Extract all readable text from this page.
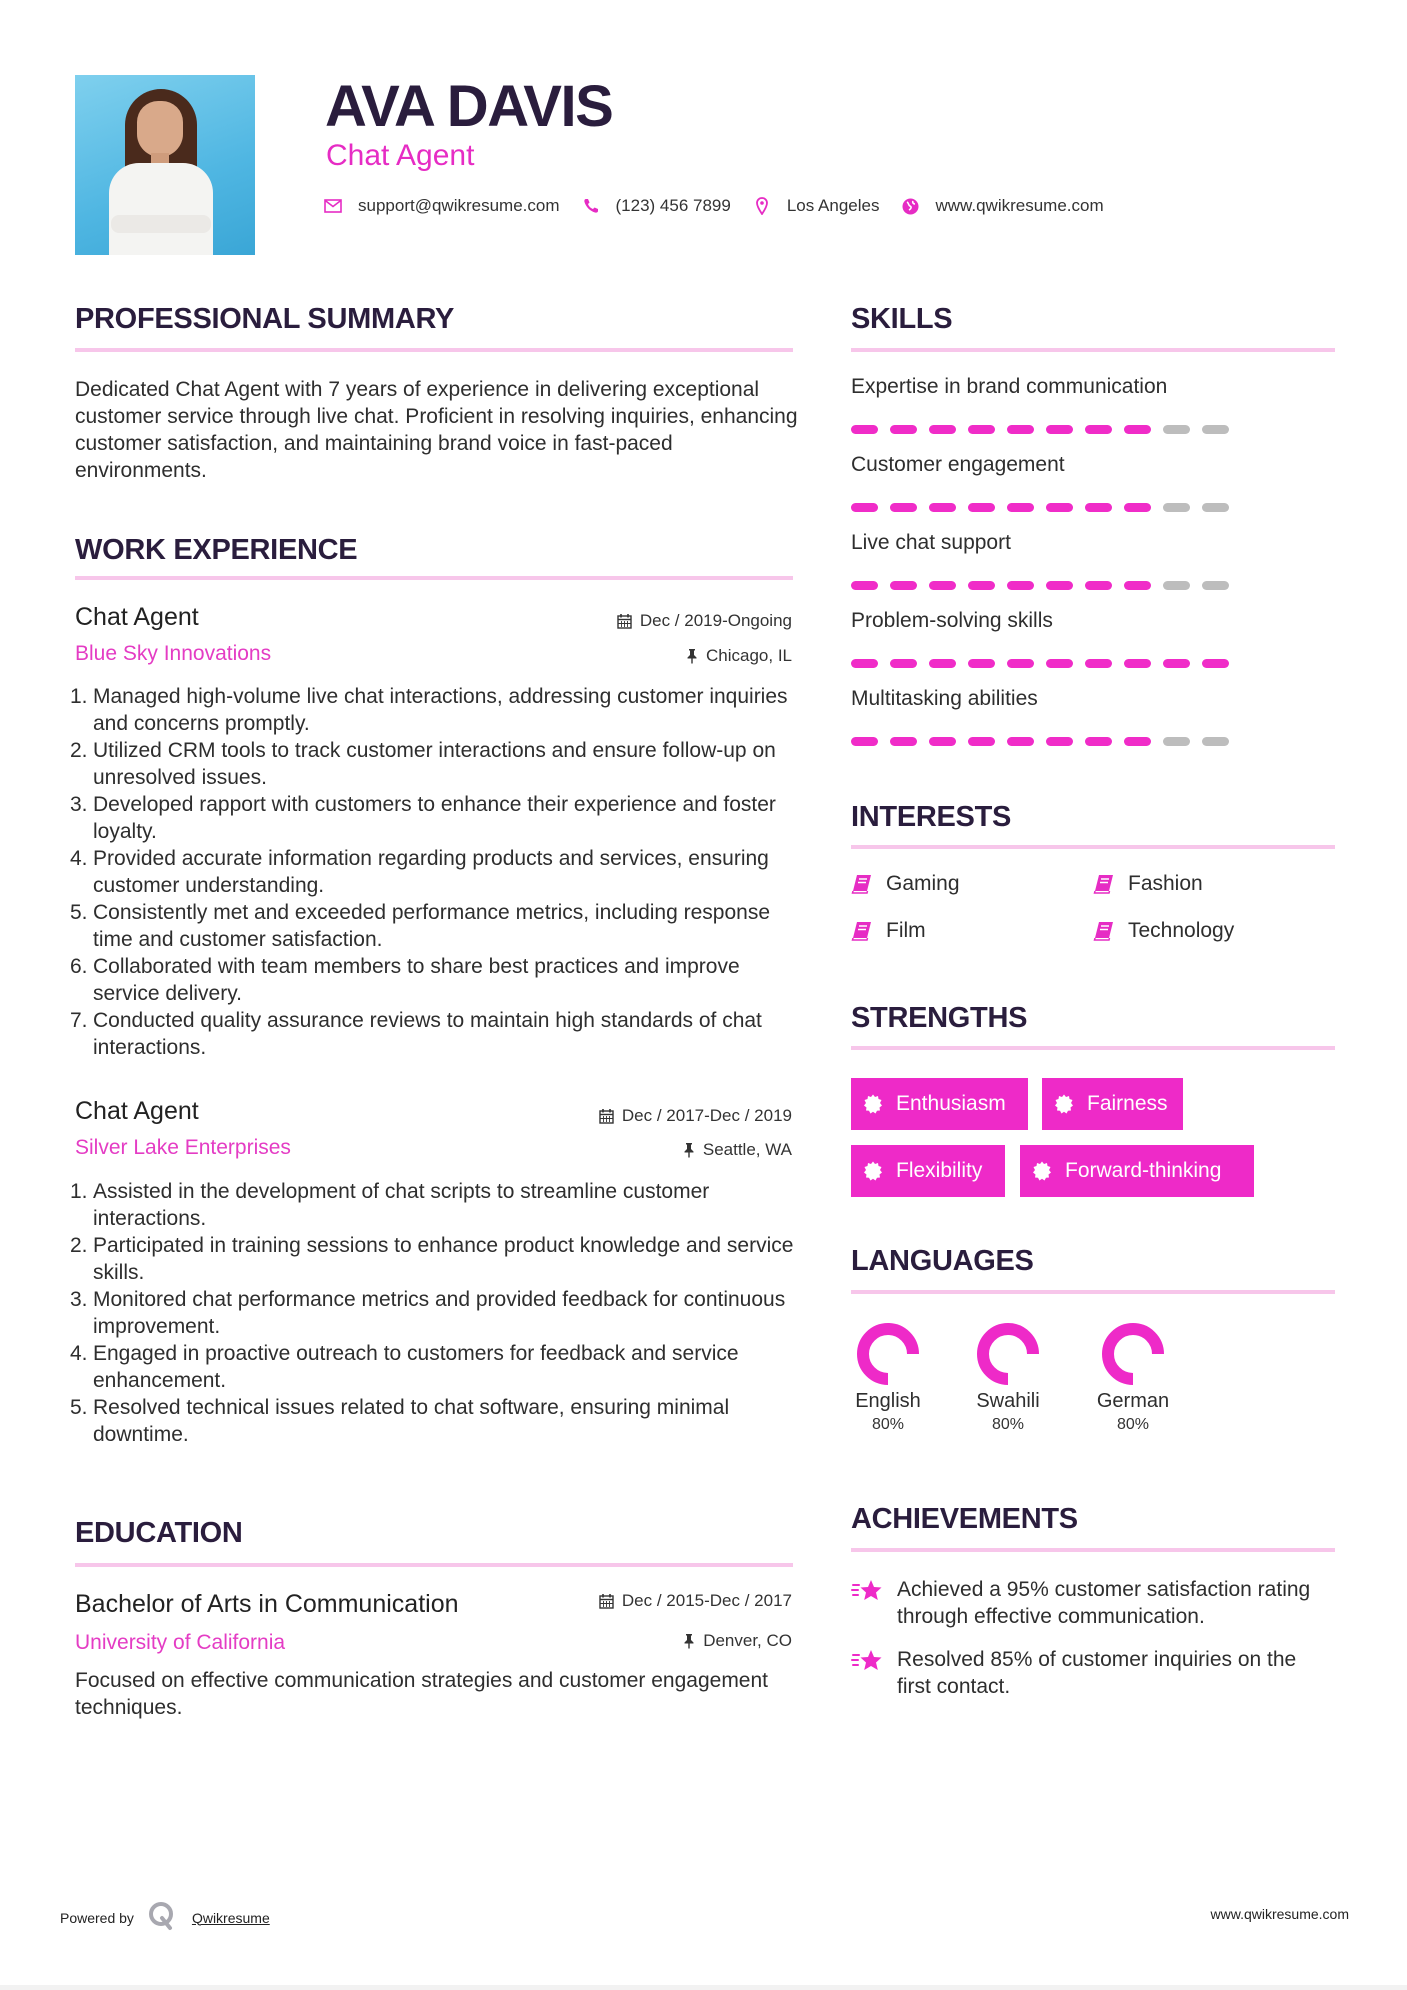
AVA DAVIS
Chat Agent
support@qwikresume.com	(123) 456 7899	Los Angeles	www.qwikresume.com
PROFESSIONAL SUMMARY
Dedicated Chat Agent with 7 years of experience in delivering exceptional customer service through live chat. Proficient in resolving inquiries, enhancing customer satisfaction, and maintaining brand voice in fast-paced environments.
WORK EXPERIENCE
Chat Agent	Dec / 2019-Ongoing
Blue Sky Innovations	Chicago, IL
1. Managed high-volume live chat interactions, addressing customer inquiries and concerns promptly.
2. Utilized CRM tools to track customer interactions and ensure follow-up on unresolved issues.
3. Developed rapport with customers to enhance their experience and foster loyalty.
4. Provided accurate information regarding products and services, ensuring customer understanding.
5. Consistently met and exceeded performance metrics, including response time and customer satisfaction.
6. Collaborated with team members to share best practices and improve service delivery.
7. Conducted quality assurance reviews to maintain high standards of chat interactions.
Chat Agent	Dec / 2017-Dec / 2019
Silver Lake Enterprises	Seattle, WA
1. Assisted in the development of chat scripts to streamline customer interactions.
2. Participated in training sessions to enhance product knowledge and service skills.
3. Monitored chat performance metrics and provided feedback for continuous improvement.
4. Engaged in proactive outreach to customers for feedback and service enhancement.
5. Resolved technical issues related to chat software, ensuring minimal downtime.
EDUCATION
Bachelor of Arts in Communication	Dec / 2015-Dec / 2017
University of California	Denver, CO
Focused on effective communication strategies and customer engagement techniques.
SKILLS
Expertise in brand communication
Customer engagement
Live chat support
Problem-solving skills
Multitasking abilities
INTERESTS
Gaming	Fashion
Film	Technology
STRENGTHS
Enthusiasm	Fairness
Flexibility	Forward-thinking
LANGUAGES
English
80%
Swahili
80%
German
80%
ACHIEVEMENTS
Achieved a 95% customer satisfaction rating through effective communication.
Resolved 85% of customer inquiries on the first contact.
Powered by	Qwikresume	www.qwikresume.com
